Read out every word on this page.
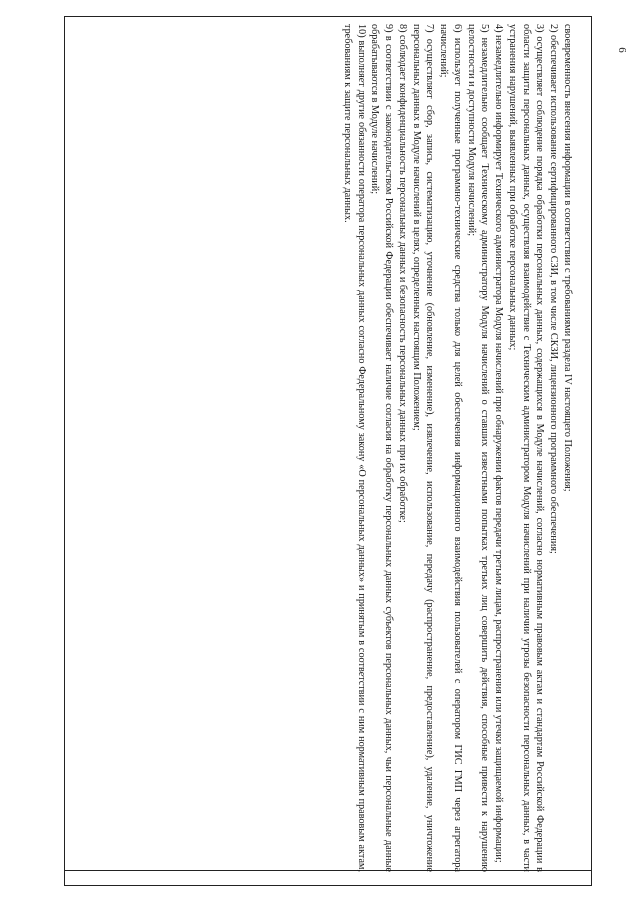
6

своевременность внесения информации в соответствии с требованиями раздела IV настоящего Положения;

2) обеспечивает использование сертифицированного СЗИ, в том числе СКЗИ, лицензионного программного обеспечения;

3) осуществляет соблюдение порядка обработки персональных данных, содержащихся в Модуле начислений, согласно нормативным правовым актам и стандартам Российской Федерации в области защиты персональных данных, осуществляя взаимодействие с Техническим администратором Модуля начислений при наличии угрозы безопасности персональных данных, в части устранения нарушений, выявленных при обработке персональных данных;

4) незамедлительно информирует Технического администратора Модуля начислений при обнаружении фактов передачи третьим лицам, распространения или утечки защищаемой информации;

5) незамедлительно сообщает Техническому администратору Модуля начислений о ставших известными попытках третьих лиц совершить действия, способные привести к нарушению целостности и доступности Модуля начислений;

6) использует полученные программно-технические средства только для целей обеспечения информационного взаимодействия пользователей с оператором ГИС ГМП через агрегатора начислений;

7) осуществляет сбор, запись, систематизацию, уточнение (обновление, изменение), извлечение, использование, передачу (распространение, предоставление), удаление, уничтожение персональных данных в Модуле начислений в целях, определенных настоящим Положением;

8) соблюдает конфиденциальность персональных данных и безопасность персональных данных при их обработке;

9) в соответствии с законодательством Российской Федерации обеспечивает наличие согласия на обработку персональных данных субъектов персональных данных, чьи персональные данные обрабатываются в Модуле начислений;

10) выполняет другие обязанности оператора персональных данных согласно Федеральному закону «О персональных данных» и принятым в соответствии с ним нормативным правовым актам, требованиям к защите персональных данных.
